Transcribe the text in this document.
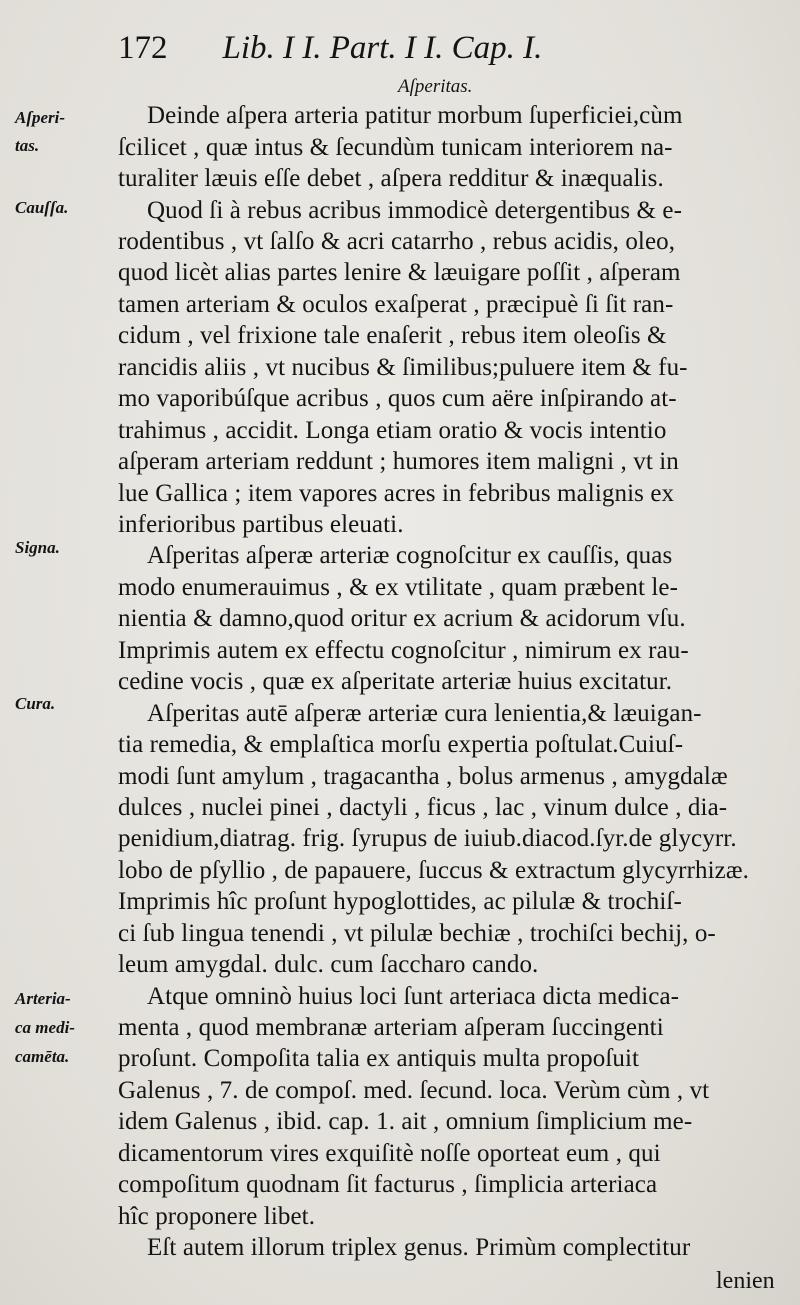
172 Lib. I I. Part. I I. Cap. I.
Aſperitas.
Aſperi-
tas.
Cauſſa.
Signa.
Cura.
Arteria-
ca medi-
camēta.
Deinde aſpera arteria patitur morbum ſuperficiei,cùm
ſcilicet , quæ intus & ſecundùm tunicam interiorem na-
turaliter læuis eſſe debet , aſpera redditur & inæqualis.
Quod ſi à rebus acribus immodicè detergentibus & e-
rodentibus , vt ſalſo & acri catarrho , rebus acidis, oleo,
quod licèt alias partes lenire & læuigare poſſit , aſperam
tamen arteriam & oculos exaſperat , præcipuè ſi ſit ran-
cidum , vel frixione tale enaſerit , rebus item oleoſis &
rancidis aliis , vt nucibus & ſimilibus;puluere item & fu-
mo vaporibúſque acribus , quos cum aëre inſpirando at-
trahimus , accidit. Longa etiam oratio & vocis intentio
aſperam arteriam reddunt ; humores item maligni , vt in
lue Gallica ; item vapores acres in febribus malignis ex
inferioribus partibus eleuati.
Aſperitas aſperæ arteriæ cognoſcitur ex cauſſis, quas
modo enumerauimus , & ex vtilitate , quam præbent le-
nientia & damno,quod oritur ex acrium & acidorum vſu.
Imprimis autem ex effectu cognoſcitur , nimirum ex rau-
cedine vocis , quæ ex aſperitate arteriæ huius excitatur.
Aſperitas autē aſperæ arteriæ cura lenientia,& læuigan-
tia remedia, & emplaſtica morſu expertia poſtulat.Cuiuſ-
modi ſunt amylum , tragacantha , bolus armenus , amygdalæ
dulces , nuclei pinei , dactyli , ficus , lac , vinum dulce , dia-
penidium,diatrag. frig. ſyrupus de iuiub.diacod.ſyr.de glycyrr.
lobo de pſyllio , de papauere, ſuccus & extractum glycyrrhizæ.
Imprimis hîc proſunt hypoglottides, ac pilulæ & trochiſ-
ci ſub lingua tenendi , vt pilulæ bechiæ , trochiſci bechij, o-
leum amygdal. dulc. cum ſaccharo cando.
Atque omninò huius loci ſunt arteriaca dicta medica-
menta , quod membranæ arteriam aſperam ſuccingenti
proſunt. Compoſita talia ex antiquis multa propoſuit
Galenus , 7. de compoſ. med. ſecund. loca. Verùm cùm , vt
idem Galenus , ibid. cap. 1. ait , omnium ſimplicium me-
dicamentorum vires exquiſitè noſſe oporteat eum , qui
compoſitum quodnam ſit facturus , ſimplicia arteriaca
hîc proponere libet.
Eſt autem illorum triplex genus. Primùm complectitur
lenien
